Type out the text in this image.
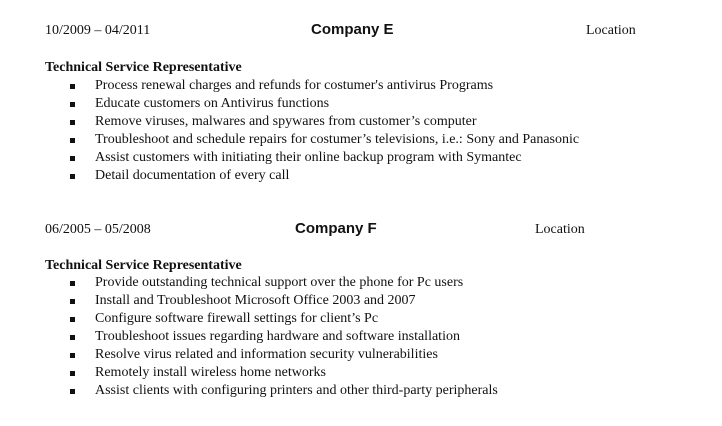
10/2009 – 04/2011	Company E	Location
Technical Service Representative
Process renewal charges and refunds for costumer's antivirus Programs
Educate customers on Antivirus functions
Remove viruses, malwares and spywares from customer’s computer
Troubleshoot and schedule repairs for costumer’s televisions, i.e.: Sony and Panasonic
Assist customers with initiating their online backup program with Symantec
Detail documentation of every call
06/2005 – 05/2008	Company F	Location
Technical Service Representative
Provide outstanding technical support over the phone for Pc users
Install and Troubleshoot Microsoft Office 2003 and 2007
Configure software firewall settings for client’s Pc
Troubleshoot issues regarding hardware and software installation
Resolve virus related and information security vulnerabilities
Remotely install wireless home networks
Assist clients with configuring printers and other third-party peripherals
